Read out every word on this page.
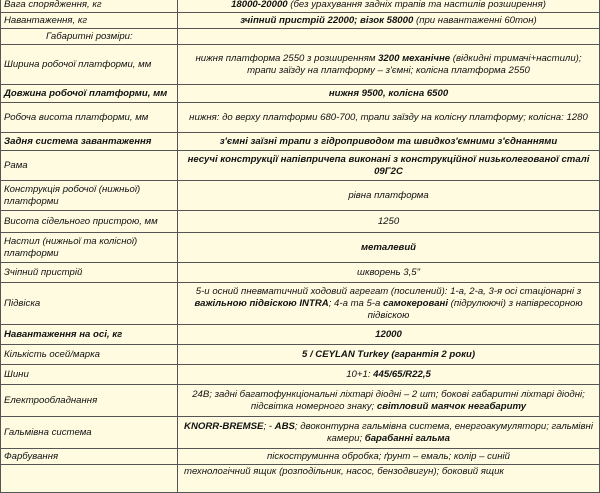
Вага спорядження, кг	18000-20000 (без урахування задніх трапів та настилів розширення)
Навантаження, кг	зчіпний пристрій 22000; візок 58000 (при навантаженні 60тон)
Габаритні розміри:	
Ширина робочої платформи, мм	нижня платформа 2550 з розширенням 3200 механічне (відкидні тримачі+настили); трапи заїзду на платформу – з'ємні; колісна платформа 2550
Довжина робочої платформи, мм	нижня 9500, колісна 6500
Робоча висота платформи, мм	нижня: до верху платформи 680-700, трапи заїзду на колісну платформу; колісна: 1280
Задня система завантаження	з'ємні заїзні трапи з гідроприводом та швидкоз'ємними з'єднаннями
Рама	несучі конструкції напівпричепа виконані з конструкційної низьколегованої сталі 09Г2С
Конструкція робочої (нижньої) платформи	рівна платформа
Висота сідельного пристрою, мм	1250
Настил (нижньої та колісної) платформи	металевий
Зчіпний пристрій	шкворень 3,5"
Підвіска	5-и осний пневматичний ходовий агрегат (посилений): 1-а, 2-а, 3-я осі стаціонарні з важільною підвіскою INTRA; 4-а та 5-а самокеровані (підрулюючі) з напівресорною підвіскою
Навантаження на осі, кг	12000
Кількість осей/марка	5 / CEYLAN Turkey (гарантія 2 роки)
Шини	10+1: 445/65/R22,5
Електрообладнання	24В; задні багатофункціональні ліхтарі діодні – 2 шт; бокові габаритні ліхтарі діодні; підсвітка номерного знаку; світловий маячок негабариту
Гальмівна система	KNORR-BREMSE; - ABS; двоконтурна гальмівна система, енергоакумулятори; гальмівні камери; барабанні гальма
Фарбування	піскоструминна обробка; ґрунт – емаль; колір – синій
	технологічний ящик (розподільник, насос, бензодвигун); боковий ящик
